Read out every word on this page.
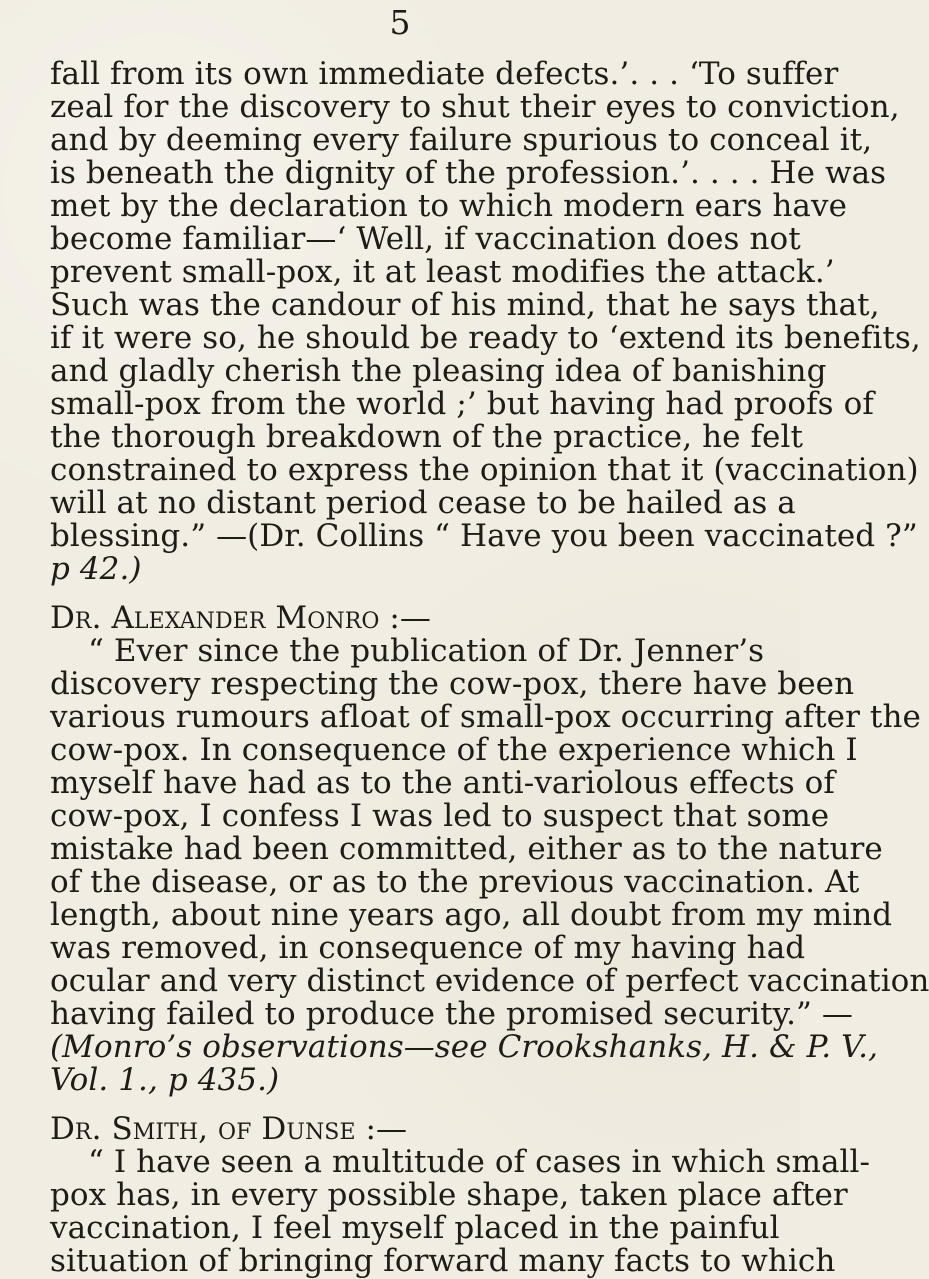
5
fall from its own immediate defects.’. . . ‘To suffer
zeal for the discovery to shut their eyes to conviction,
and by deeming every failure spurious to conceal it,
is beneath the dignity of the profession.’. . . . He was
met by the declaration to which modern ears have
become familiar—‘ Well, if vaccination does not
prevent small-pox, it at least modifies the attack.’
Such was the candour of his mind, that he says that,
if it were so, he should be ready to ‘extend its benefits,
and gladly cherish the pleasing idea of banishing
small-pox from the world ;’ but having had proofs of
the thorough breakdown of the practice, he felt
constrained to express the opinion that it (vaccination)
will at no distant period cease to be hailed as a
blessing.” —(Dr. Collins “ Have you been vaccinated ?”
p 42.)
Dr. Alexander Monro :—
“ Ever since the publication of Dr. Jenner’s
discovery respecting the cow-pox, there have been
various rumours afloat of small-pox occurring after the
cow-pox. In consequence of the experience which I
myself have had as to the anti-variolous effects of
cow-pox, I confess I was led to suspect that some
mistake had been committed, either as to the nature
of the disease, or as to the previous vaccination. At
length, about nine years ago, all doubt from my mind
was removed, in consequence of my having had
ocular and very distinct evidence of perfect vaccination
having failed to produce the promised security.” —
(Monro’s observations—see Crookshanks, H. & P. V.,
Vol. 1., p 435.)
Dr. Smith, of Dunse :—
“ I have seen a multitude of cases in which small-
pox has, in every possible shape, taken place after
vaccination, I feel myself placed in the painful
situation of bringing forward many facts to which
